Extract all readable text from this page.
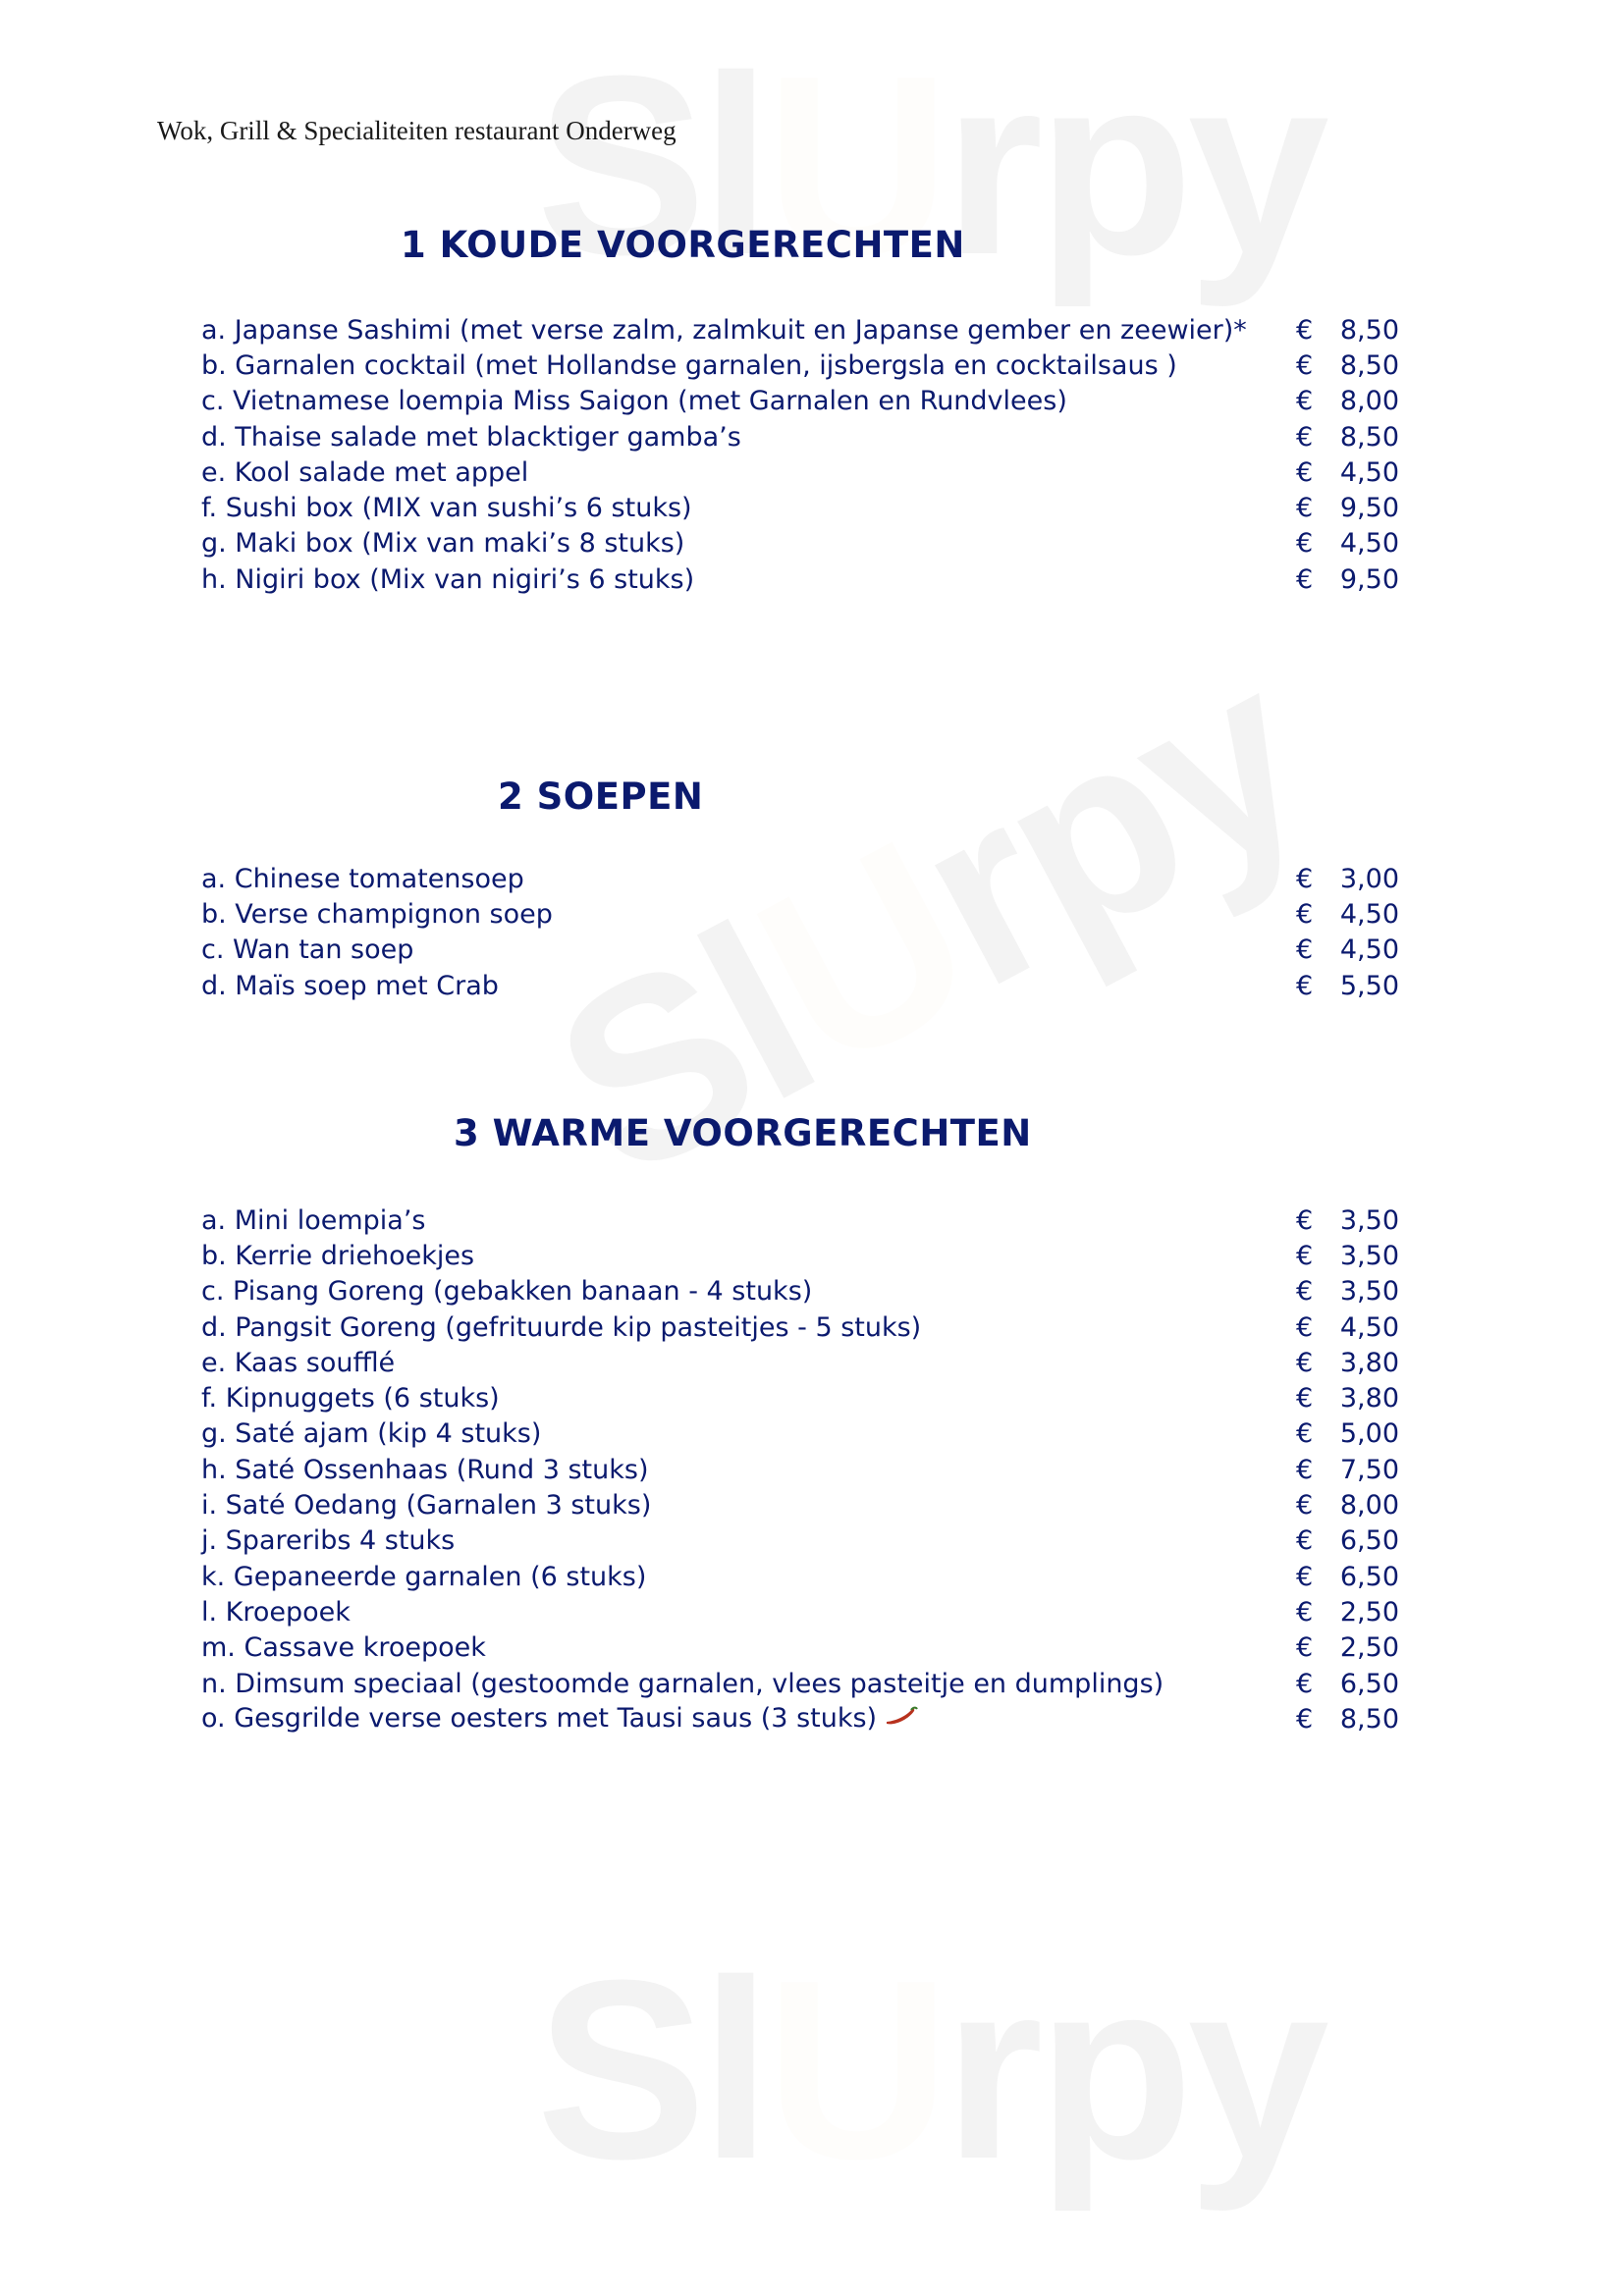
Wok, Grill & Specialiteiten restaurant Onderweg
1 KOUDE VOORGERECHTEN
a. Japanse Sashimi (met verse zalm, zalmkuit en Japanse gember en zeewier)*	€	8,50
b. Garnalen cocktail (met Hollandse garnalen, ijsbergsla en cocktailsaus )	€	8,50
c. Vietnamese loempia Miss Saigon (met Garnalen en Rundvlees)	€	8,00
d. Thaise salade met blacktiger gamba’s	€	8,50
e. Kool salade met appel	€	4,50
f. Sushi box (MIX van sushi’s 6 stuks)	€	9,50
g. Maki box (Mix van maki’s 8 stuks)	€	4,50
h. Nigiri box (Mix van nigiri’s 6 stuks)	€	9,50
2 SOEPEN
a. Chinese tomatensoep	€	3,00
b. Verse champignon soep	€	4,50
c. Wan tan soep	€	4,50
d. Maïs soep met Crab	€	5,50
3 WARME VOORGERECHTEN
a. Mini loempia’s	€	3,50
b. Kerrie driehoekjes	€	3,50
c. Pisang Goreng (gebakken banaan - 4 stuks)	€	3,50
d. Pangsit Goreng (gefrituurde kip pasteitjes - 5 stuks)	€	4,50
e. Kaas soufflé	€	3,80
f. Kipnuggets (6 stuks)	€	3,80
g. Saté ajam (kip 4 stuks)	€	5,00
h. Saté Ossenhaas (Rund 3 stuks)	€	7,50
i. Saté Oedang (Garnalen 3 stuks)	€	8,00
j. Spareribs 4 stuks	€	6,50
k. Gepaneerde garnalen (6 stuks)	€	6,50
l. Kroepoek	€	2,50
m. Cassave kroepoek	€	2,50
n. Dimsum speciaal (gestoomde garnalen, vlees pasteitje en dumplings)	€	6,50
o. Gesgrilde verse oesters met Tausi saus (3 stuks)	€	8,50
